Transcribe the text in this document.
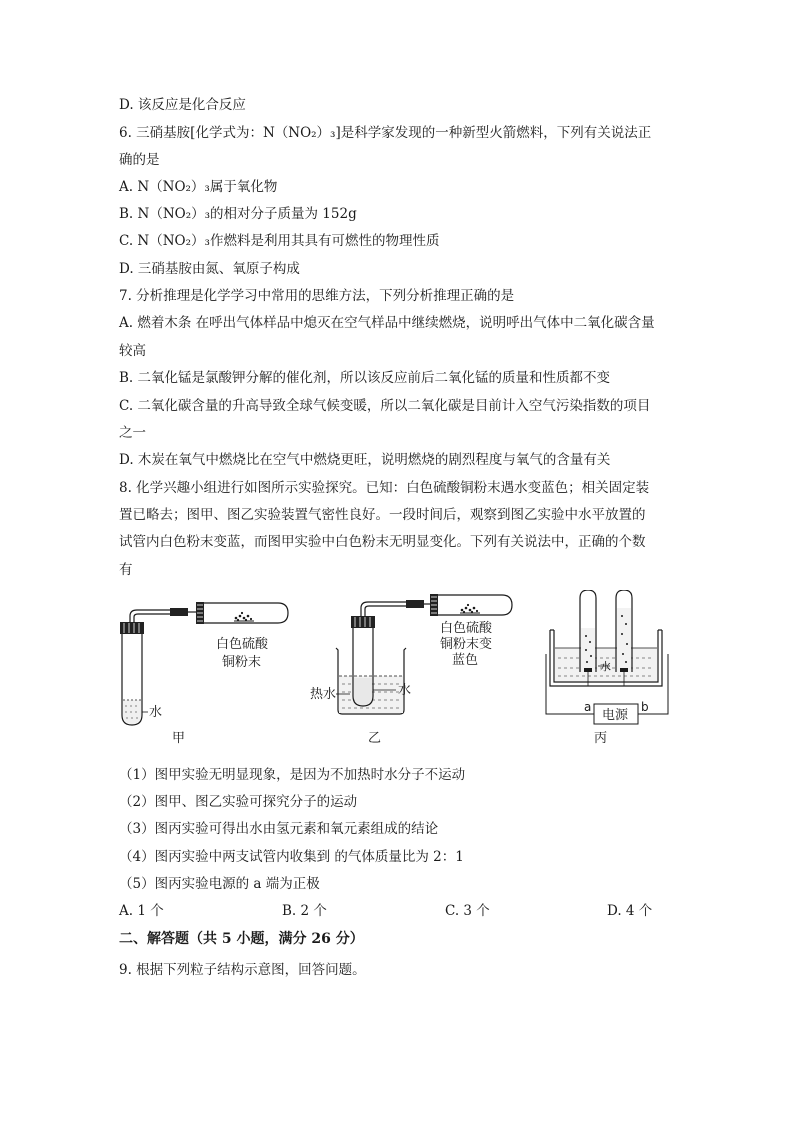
D. 该反应是化合反应
6. 三硝基胺[化学式为：N（NO₂）₃]是科学家发现的一种新型火箭燃料，下列有关说法正
确的是
A. N（NO₂）₃属于氧化物
B. N（NO₂）₃的相对分子质量为 152g
C. N（NO₂）₃作燃料是利用其具有可燃性的物理性质
D. 三硝基胺由氮、氧原子构成
7. 分析推理是化学学习中常用的思维方法，下列分析推理正确的是
A. 燃着木条 在呼出气体样品中熄灭在空气样品中继续燃烧，说明呼出气体中二氧化碳含量
较高
B. 二氧化锰是氯酸钾分解的催化剂，所以该反应前后二氧化锰的质量和性质都不变
C. 二氧化碳含量的升高导致全球气候变暖，所以二氧化碳是目前计入空气污染指数的项目
之一
D. 木炭在氧气中燃烧比在空气中燃烧更旺，说明燃烧的剧烈程度与氧气的含量有关
8. 化学兴趣小组进行如图所示实验探究。已知：白色硫酸铜粉末遇水变蓝色；相关固定装
置已略去；图甲、图乙实验装置气密性良好。一段时间后，观察到图乙实验中水平放置的
试管内白色粉末变蓝，而图甲实验中白色粉末无明显变化。下列有关说法中，正确的个数
有
白色硫酸
铜粉末
水
甲
白色硫酸
铜粉末变
蓝色
热水	水
乙
水
电源
a	b
丙
（1）图甲实验无明显现象，是因为不加热时水分子不运动
（2）图甲、图乙实验可探究分子的运动
（3）图丙实验可得出水由氢元素和氧元素组成的结论
（4）图丙实验中两支试管内收集到 的气体质量比为 2：1
（5）图丙实验电源的 a 端为正极
A. 1 个	B. 2 个	C. 3 个	D. 4 个
二、解答题（共 5 小题，满分 26 分）
9. 根据下列粒子结构示意图，回答问题。
